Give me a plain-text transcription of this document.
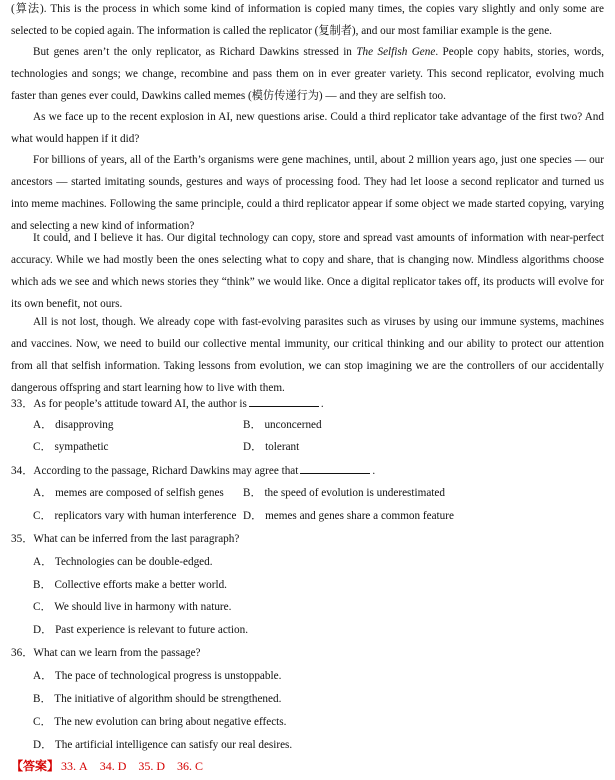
(算法). This is the process in which some kind of information is copied many times, the copies vary slightly and only some are selected to be copied again. The information is called the replicator (复制者), and our most familiar example is the gene.

But genes aren’t the only replicator, as Richard Dawkins stressed in The Selfish Gene. People copy habits, stories, words, technologies and songs; we change, recombine and pass them on in ever greater variety. This second replicator, evolving much faster than genes ever could, Dawkins called memes (模仿传递行为) — and they are selfish too.

As we face up to the recent explosion in AI, new questions arise. Could a third replicator take advantage of the first two? And what would happen if it did?

For billions of years, all of the Earth’s organisms were gene machines, until, about 2 million years ago, just one species — our ancestors — started imitating sounds, gestures and ways of processing food. They had let loose a second replicator and turned us into meme machines. Following the same principle, could a third replicator appear if some object we made started copying, varying and selecting a new kind of information?

It could, and I believe it has. Our digital technology can copy, store and spread vast amounts of information with near-perfect accuracy. While we had mostly been the ones selecting what to copy and share, that is changing now. Mindless algorithms choose which ads we see and which news stories they “think” we would like. Once a digital replicator takes off, its products will evolve for its own benefit, not ours.

All is not lost, though. We already cope with fast-evolving parasites such as viruses by using our immune systems, machines and vaccines. Now, we need to build our collective mental immunity, our critical thinking and our ability to protect our attention from all that selfish information. Taking lessons from evolution, we can stop imagining we are the controllers of our accidentally dangerous offspring and start learning how to live with them.

33．As for people’s attitude toward AI, the author is	.
A． disapproving	B． unconcerned
C． sympathetic	D． tolerant
34．According to the passage, Richard Dawkins may agree that	.
A． memes are composed of selfish genes B． the speed of evolution is underestimated
C． replicators vary with human interference D． memes and genes share a common feature
35．What can be inferred from the last paragraph?
A． Technologies can be double-edged.
B． Collective efforts make a better world.
C． We should live in harmony with nature.
D． Past experience is relevant to future action.
36．What can we learn from the passage?
A． The pace of technological progress is unstoppable.
B． The initiative of algorithm should be strengthened.
C． The new evolution can bring about negative effects.
D． The artificial intelligence can satisfy our real desires.
【答案】 33. A 34. D 35. D 36. C
